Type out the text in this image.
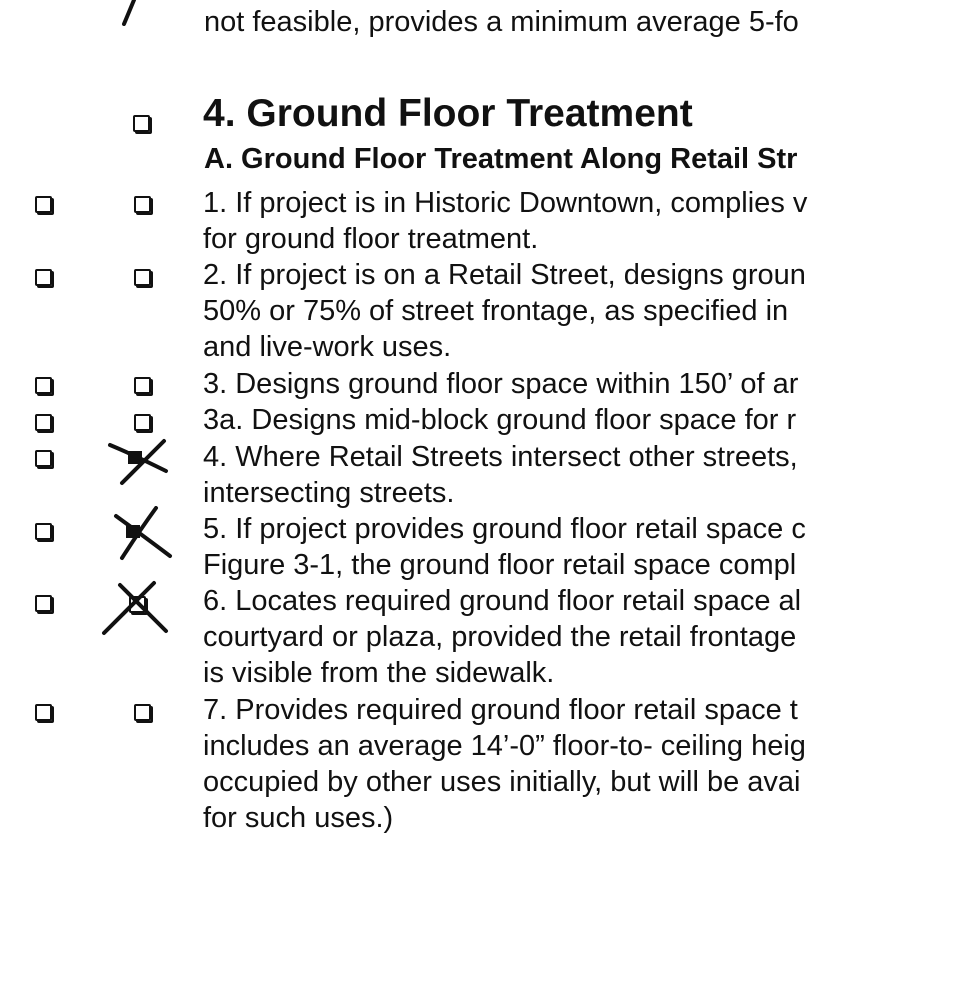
not feasible, provides a minimum average 5-fo
4. Ground Floor Treatment
A. Ground Floor Treatment Along Retail Str
1. If project is in Historic Downtown, complies v
for ground floor treatment.
2. If project is on a Retail Street, designs groun
50% or 75% of street frontage, as specified in
and live-work uses.
3. Designs ground floor space within 150’ of ar
3a. Designs mid-block ground floor space for r
4. Where Retail Streets intersect other streets,
intersecting streets.
5. If project provides ground floor retail space c
Figure 3-1, the ground floor retail space compl
6. Locates required ground floor retail space al
courtyard or plaza, provided the retail frontage
is visible from the sidewalk.
7. Provides required ground floor retail space t
includes an average 14’-0” floor-to- ceiling heig
occupied by other uses initially, but will be avai
for such uses.)
